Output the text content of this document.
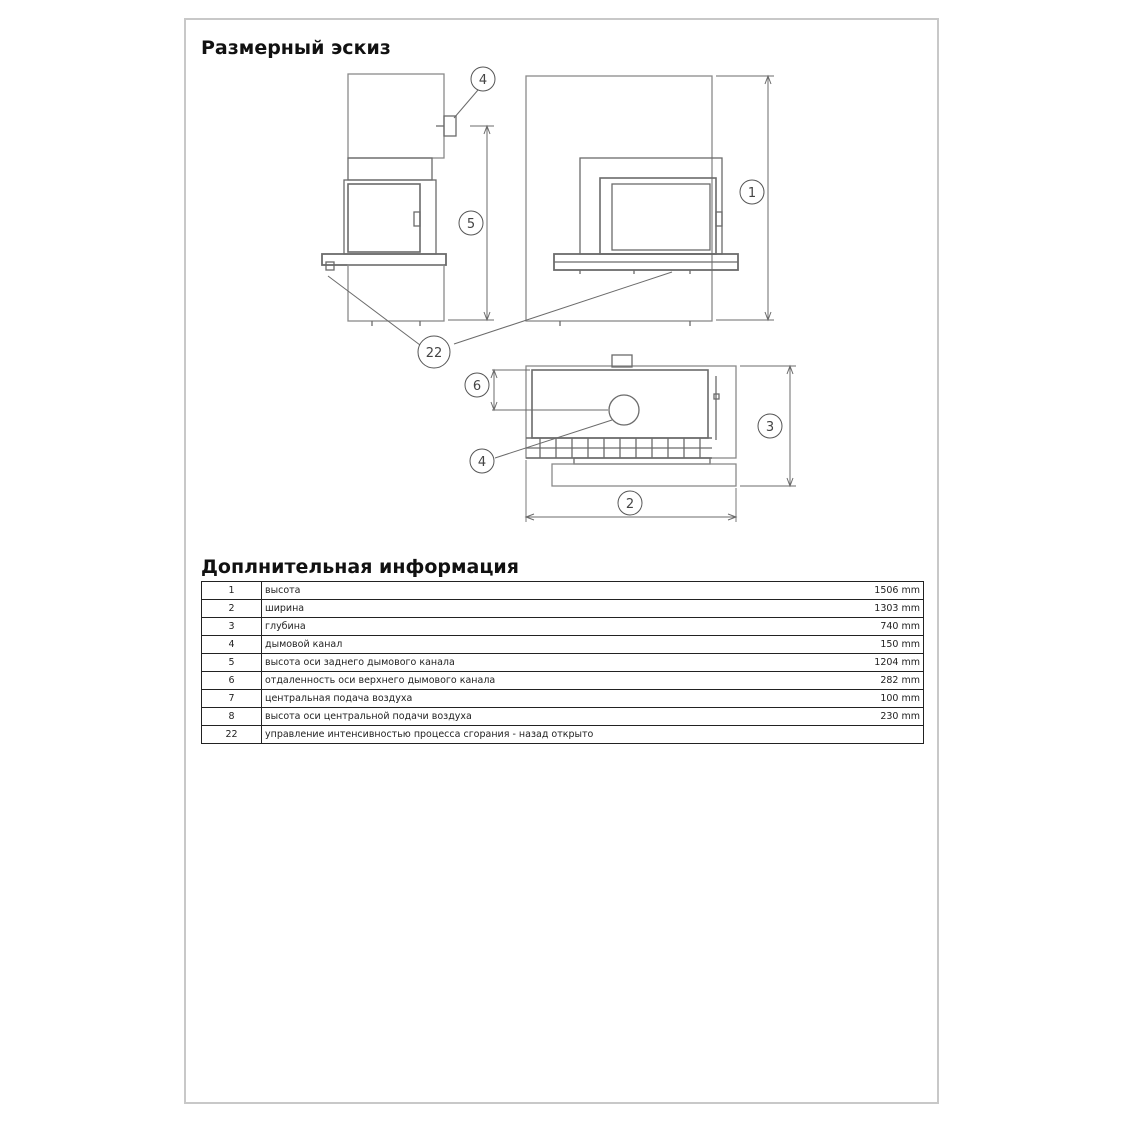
Размерный эскиз
4
5
1
22
6
3
4
2
Доплнительная информация
1	высота	1506 mm
2	ширина	1303 mm
3	глубина	740 mm
4	дымовой канал	150 mm
5	высота оси заднего дымового канала	1204 mm
6	отдаленность оси верхнего дымового канала	282 mm
7	центральная подача воздуха	100 mm
8	высота оси центральной подачи воздуха	230 mm
22	управление интенсивностью процесса сгорания - назад открыто	
